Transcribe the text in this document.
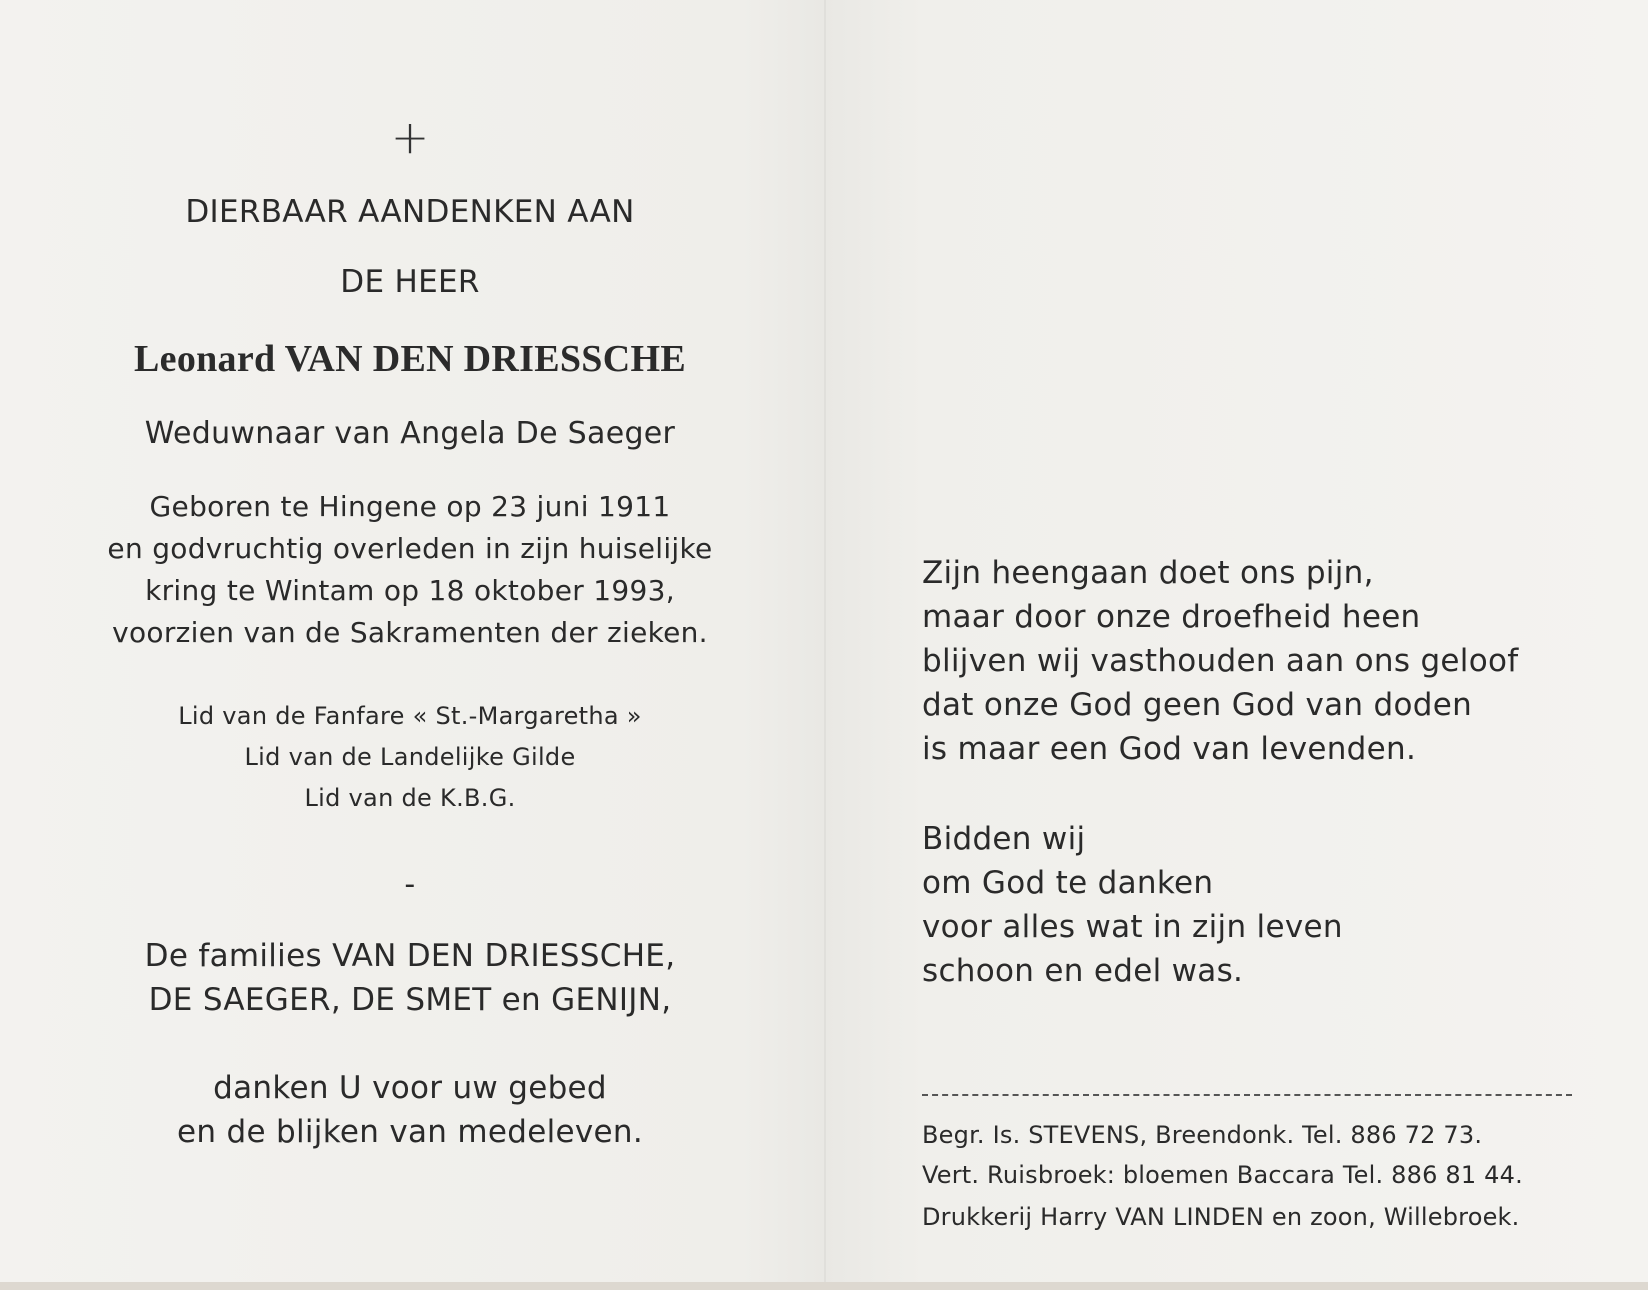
+
DIERBAAR AANDENKEN AAN
DE HEER
Leonard VAN DEN DRIESSCHE
Weduwnaar van Angela De Saeger
Geboren te Hingene op 23 juni 1911
en godvruchtig overleden in zijn huiselijke
kring te Wintam op 18 oktober 1993,
voorzien van de Sakramenten der zieken.
Lid van de Fanfare « St.-Margaretha »
Lid van de Landelijke Gilde
Lid van de K.B.G.
-
De families VAN DEN DRIESSCHE,
DE SAEGER, DE SMET en GENIJN,
danken U voor uw gebed
en de blijken van medeleven.
Zijn heengaan doet ons pijn,
maar door onze droefheid heen
blijven wij vasthouden aan ons geloof
dat onze God geen God van doden
is maar een God van levenden.
Bidden wij
om God te danken
voor alles wat in zijn leven
schoon en edel was.
Begr. Is. STEVENS, Breendonk. Tel. 886 72 73.
Vert. Ruisbroek: bloemen Baccara Tel. 886 81 44.
Drukkerij Harry VAN LINDEN en zoon, Willebroek.
